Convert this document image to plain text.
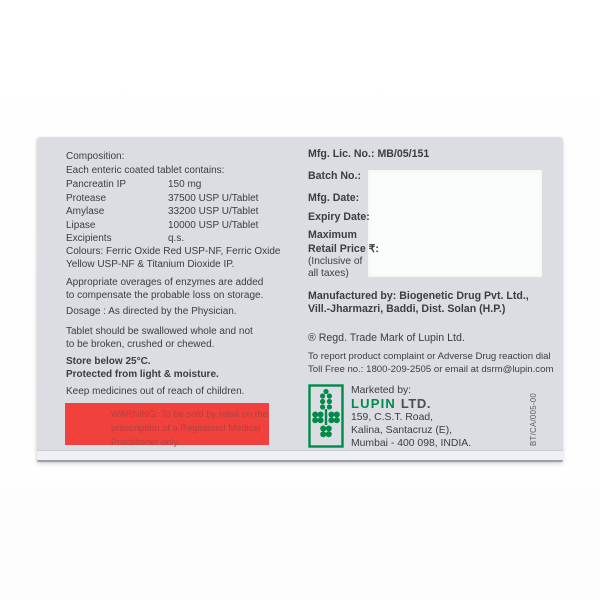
Composition:
Each enteric coated tablet contains:
Pancreatin IP	150 mg
Protease	37500 USP U/Tablet
Amylase	33200 USP U/Tablet
Lipase	10000 USP U/Tablet
Excipients	q.s.
Colours: Ferric Oxide Red USP-NF, Ferric Oxide
Yellow USP-NF & Titanium Dioxide IP.
Appropriate overages of enzymes are added
to compensate the probable loss on storage.
Dosage : As directed by the Physician.
Tablet should be swallowed whole and not
to be broken, crushed or chewed.
Store below 25°C.
Protected from light & moisture.
Keep medicines out of reach of children.
WARNING: To be sold by retail on the
prescription of a Registered Medical
Practitioner only.
Mfg. Lic. No.: MB/05/151
Batch No.:
Mfg. Date:
Expiry Date:
Maximum
Retail Price ₹:
(Inclusive of
all taxes)
Manufactured by: Biogenetic Drug Pvt. Ltd.,
Vill.-Jharmazri, Baddi, Dist. Solan (H.P.)
® Regd. Trade Mark of Lupin Ltd.
To report product complaint or Adverse Drug reaction dial
Toll Free no.: 1800-209-2505 or email at dsrm@lupin.com
Marketed by:
LUPIN LTD.
159, C.S.T. Road,
Kalina, Santacruz (E),
Mumbai - 400 098, INDIA.	BT/CA/005-00
